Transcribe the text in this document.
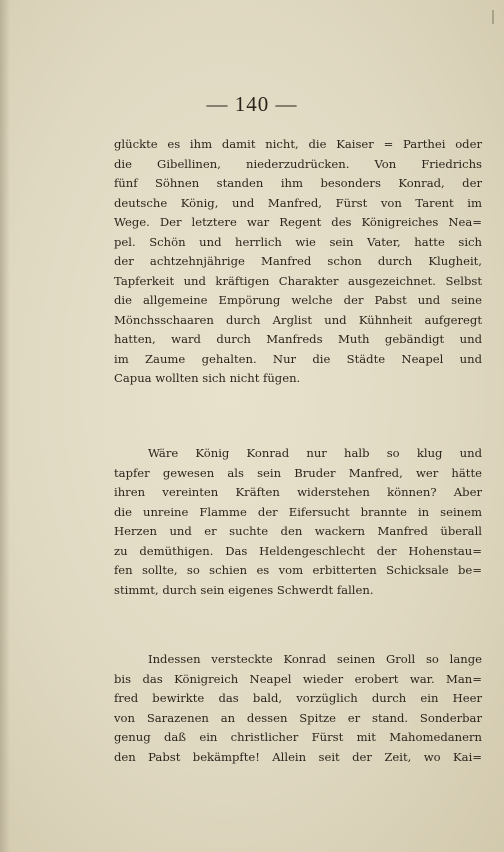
— 140 —
glückte es ihm damit nicht, die Kaiser = Parthei oder
die Gibellinen, niederzudrücken. Von Friedrichs
fünf Söhnen standen ihm besonders Konrad, der
deutsche König, und Manfred, Fürst von Tarent im
Wege. Der letztere war Regent des Königreiches Nea=
pel. Schön und herrlich wie sein Vater, hatte sich
der achtzehnjährige Manfred schon durch Klugheit,
Tapferkeit und kräftigen Charakter ausgezeichnet. Selbst
die allgemeine Empörung welche der Pabst und seine
Mönchsschaaren durch Arglist und Kühnheit aufgeregt
hatten, ward durch Manfreds Muth gebändigt und
im Zaume gehalten. Nur die Städte Neapel und
Capua wollten sich nicht fügen.
Wäre König Konrad nur halb so klug und
tapfer gewesen als sein Bruder Manfred, wer hätte
ihren vereinten Kräften widerstehen können? Aber
die unreine Flamme der Eifersucht brannte in seinem
Herzen und er suchte den wackern Manfred überall
zu demüthigen. Das Heldengeschlecht der Hohenstau=
fen sollte, so schien es vom erbitterten Schicksale be=
stimmt, durch sein eigenes Schwerdt fallen.
Indessen versteckte Konrad seinen Groll so lange
bis das Königreich Neapel wieder erobert war. Man=
fred bewirkte das bald, vorzüglich durch ein Heer
von Sarazenen an dessen Spitze er stand. Sonderbar
genug daß ein christlicher Fürst mit Mahomedanern
den Pabst bekämpfte! Allein seit der Zeit, wo Kai=
